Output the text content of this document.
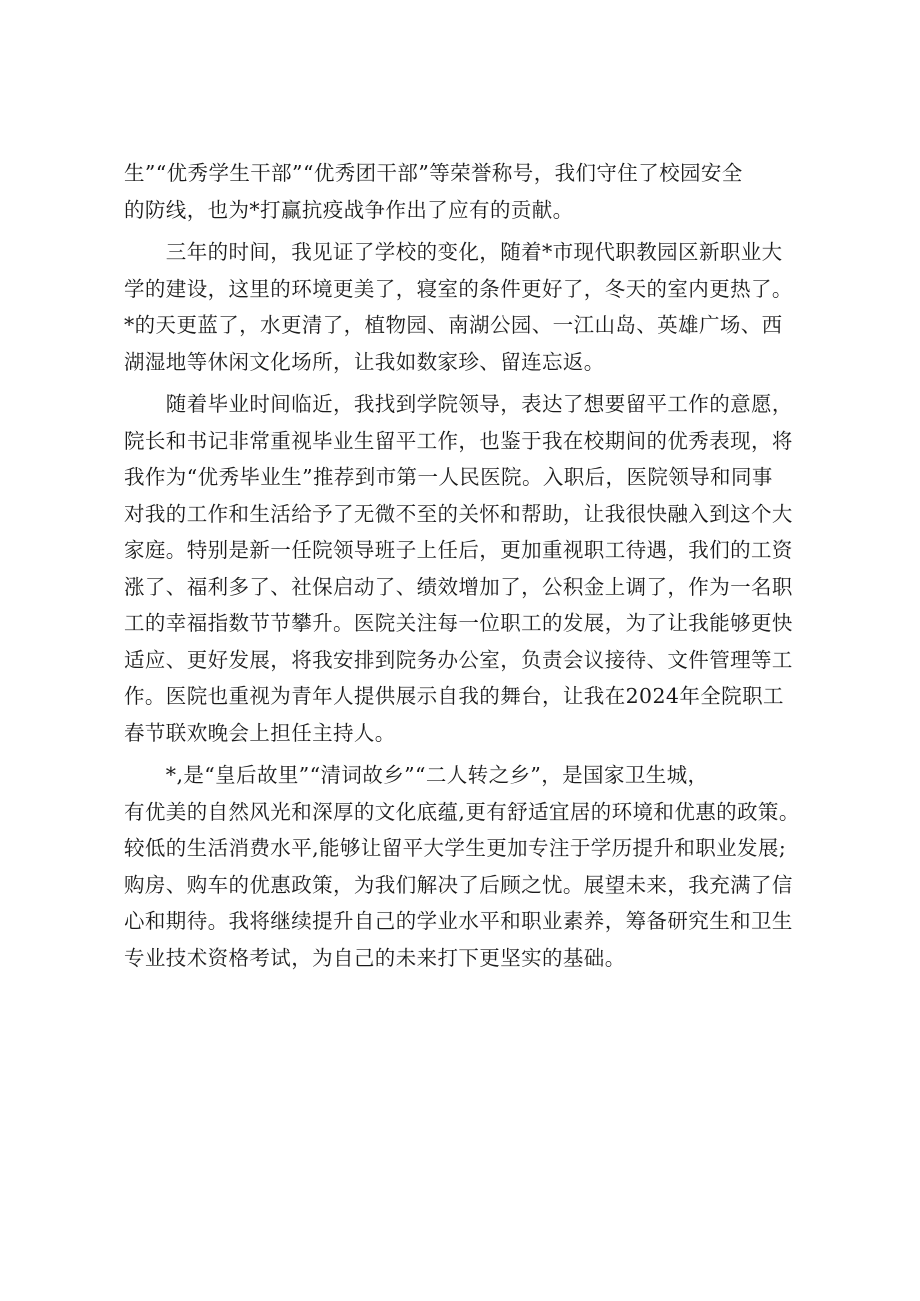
生”“优秀学生干部”“优秀团干部”等荣誉称号，我们守住了校园安全
的防线，也为*打赢抗疫战争作出了应有的贡献。
　　三年的时间，我见证了学校的变化，随着*市现代职教园区新职业大
学的建设，这里的环境更美了，寝室的条件更好了，冬天的室内更热了。
*的天更蓝了，水更清了，植物园、南湖公园、一江山岛、英雄广场、西
湖湿地等休闲文化场所，让我如数家珍、留连忘返。
　　随着毕业时间临近，我找到学院领导，表达了想要留平工作的意愿，
院长和书记非常重视毕业生留平工作，也鉴于我在校期间的优秀表现，将
我作为“优秀毕业生”推荐到市第一人民医院。入职后，医院领导和同事
对我的工作和生活给予了无微不至的关怀和帮助，让我很快融入到这个大
家庭。特别是新一任院领导班子上任后，更加重视职工待遇，我们的工资
涨了、福利多了、社保启动了、绩效增加了，公积金上调了，作为一名职
工的幸福指数节节攀升。医院关注每一位职工的发展，为了让我能够更快
适应、更好发展，将我安排到院务办公室，负责会议接待、文件管理等工
作。医院也重视为青年人提供展示自我的舞台，让我在2024年全院职工
春节联欢晚会上担任主持人。
　　*,是“皇后故里”“清词故乡”“二人转之乡”，是国家卫生城，
有优美的自然风光和深厚的文化底蕴,更有舒适宜居的环境和优惠的政策。
较低的生活消费水平,能够让留平大学生更加专注于学历提升和职业发展;
购房、购车的优惠政策，为我们解决了后顾之忧。展望未来，我充满了信
心和期待。我将继续提升自己的学业水平和职业素养，筹备研究生和卫生
专业技术资格考试，为自己的未来打下更坚实的基础。
